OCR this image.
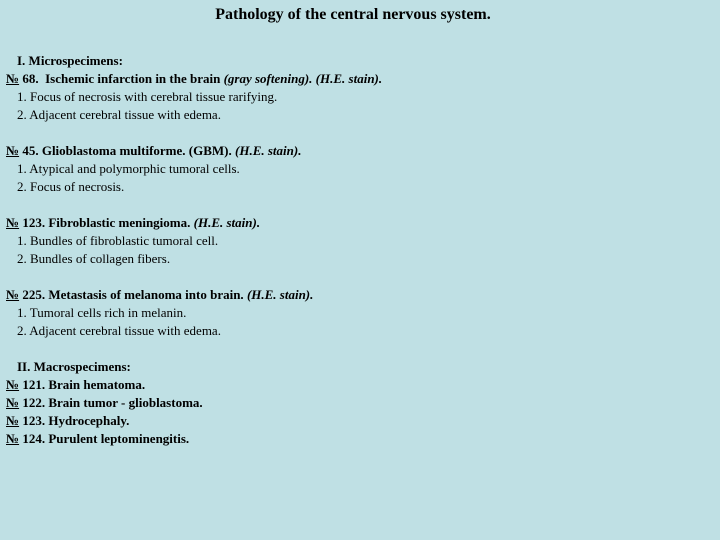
Pathology of the central nervous system.
I. Microspecimens:
№ 68.  Ischemic infarction in the brain (gray softening). (H.E. stain).
1. Focus of necrosis with cerebral tissue rarifying.
2. Adjacent cerebral tissue with edema.
№ 45. Glioblastoma multiforme. (GBM). (H.E. stain).
1. Atypical and polymorphic tumoral cells.
2. Focus of necrosis.
№ 123. Fibroblastic meningioma. (H.E. stain).
1. Bundles of fibroblastic tumoral cell.
2. Bundles of collagen fibers.
№ 225. Metastasis of melanoma into brain. (H.E. stain).
1. Tumoral cells rich in melanin.
2. Adjacent cerebral tissue with edema.
II. Macrospecimens:
№ 121. Brain hematoma.
№ 122. Brain tumor - glioblastoma.
№ 123. Hydrocephaly.
№ 124. Purulent leptominengitis.
